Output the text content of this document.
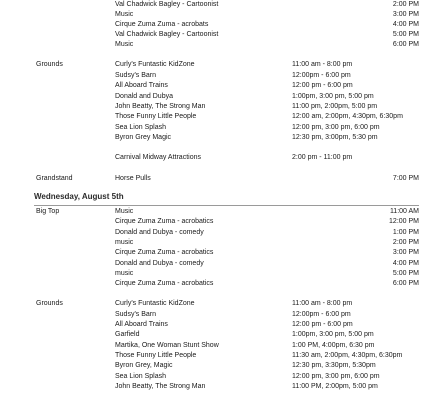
Val Chadwick Bagley - Cartoonist	2:00 PM
Music	3:00 PM
Cirque Zuma Zuma - acrobats	4:00 PM
Val Chadwick Bagley - Cartoonist	5:00 PM
Music	6:00 PM
Grounds	Curly's Funtastic KidZone	11:00 am - 8:00 pm
Sudsy's Barn	12:00pm - 6:00 pm
All Aboard Trains	12:00 pm - 6:00 pm
Donald and Dubya	1:00pm, 3:00 pm, 5:00 pm
John Beatty, The Strong Man	11:00 pm, 2:00pm, 5:00 pm
Those Funny Little People	12:00 am, 2:00pm, 4:30pm, 6:30pm
Sea Lion Splash	12:00 pm, 3:00 pm, 6:00 pm
Byron Grey Magic	12:30 pm, 3:00pm, 5:30 pm
Carnival Midway Attractions	2:00 pm - 11:00 pm
Grandstand	Horse Pulls	7:00 PM
Wednesday, August 5th
Big Top	Music	11:00 AM
Cirque Zuma Zuma - acrobatics	12:00 PM
Donald and Dubya - comedy	1:00 PM
music	2:00 PM
Cirque Zuma Zuma - acrobatics	3:00 PM
Donald and Dubya - comedy	4:00 PM
music	5:00 PM
Cirque Zuma Zuma - acrobatics	6:00 PM
Grounds	Curly's Funtastic KidZone	11:00 am - 8:00 pm
Sudsy's Barn	12:00pm - 6:00 pm
All Aboard Trains	12:00 pm - 6:00 pm
Garfield	1:00pm, 3:00 pm, 5:00 pm
Martika, One Woman Stunt Show	1:00 PM, 4:00pm, 6:30 pm
Those Funny Little People	11:30 am, 2:00pm, 4:30pm, 6:30pm
Byron Grey, Magic	12:30 pm, 3:30pm, 5:30pm
Sea Lion Splash	12:00 pm, 3:00 pm, 6:00 pm
John Beatty, The Strong Man	11:00 PM, 2:00pm, 5:00 pm
